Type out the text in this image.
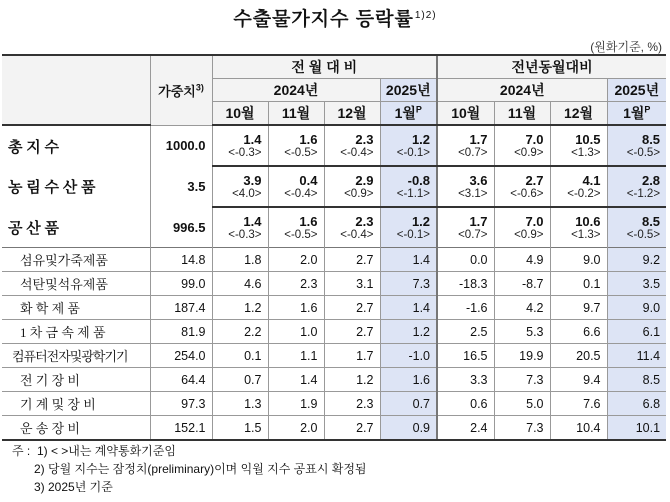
수출물가지수 등락률$^{1)2)}$
(원화기준, %)
	가중치$^{3)}$	전 월 대 비				전년동월대비			
		2024년			2025년	2024년			2025년
		10월	11월	12월	1월$^P$	10월	11월	12월	1월$^P$
총 지 수	1000.0	1.4	1.6	2.3	1.2	1.7	7.0	10.5	8.5
		<-0.3>	<-0.5>	<-0.4>	<-0.1>	<0.7>	<0.9>	<1.3>	<-0.5>
농 림 수 산 품	3.5	3.9	0.4	2.9	-0.8	3.6	2.7	4.1	2.8
		<4.0>	<-0.4>	<0.9>	<-1.1>	<3.1>	<-0.6>	<-0.2>	<-1.2>
공 산 품	996.5	1.4	1.6	2.3	1.2	1.7	7.0	10.6	8.5
		<-0.3>	<-0.5>	<-0.4>	<-0.1>	<0.7>	<0.9>	<1.3>	<-0.5>
섬유및가죽제품	14.8	1.8	2.0	2.7	1.4	0.0	4.9	9.0	9.2
석탄및석유제품	99.0	4.6	2.3	3.1	7.3	-18.3	-8.7	0.1	3.5
화 학 제 품	187.4	1.2	1.6	2.7	1.4	-1.6	4.2	9.7	9.0
1 차 금 속 제 품	81.9	2.2	1.0	2.7	1.2	2.5	5.3	6.6	6.1
컴퓨터전자및광학기기	254.0	0.1	1.1	1.7	-1.0	16.5	19.9	20.5	11.4
전 기 장 비	64.4	0.7	1.4	1.2	1.6	3.3	7.3	9.4	8.5
기 계 및 장 비	97.3	1.3	1.9	2.3	0.7	0.6	5.0	7.6	6.8
운 송 장 비	152.1	1.5	2.0	2.7	0.9	2.4	7.3	10.4	10.1
주 : 1) < >내는 계약통화기준임
2) 당월 지수는 잠정치(preliminary)이며 익월 지수 공표시 확정됨
3) 2025년 기준
